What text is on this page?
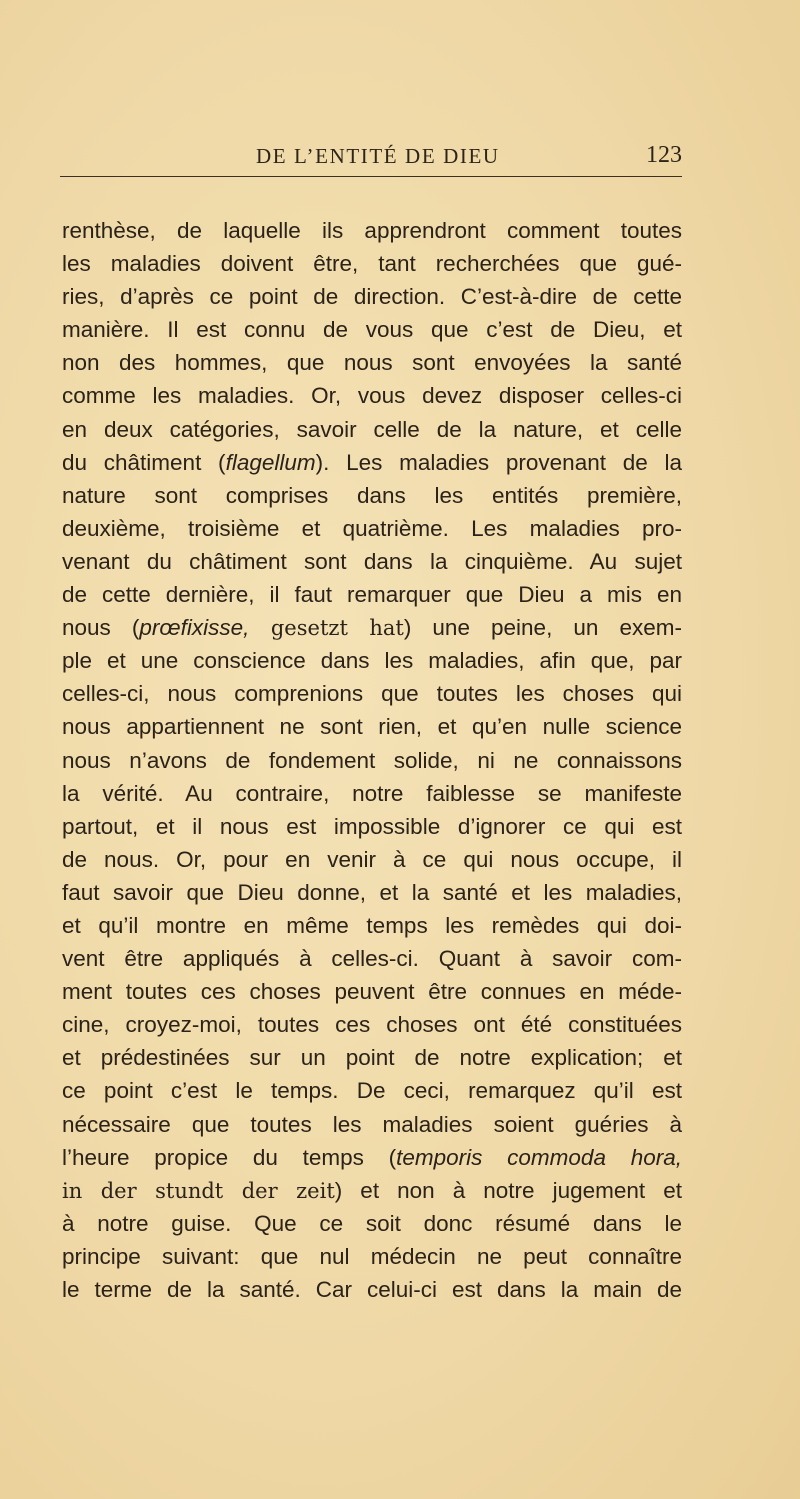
DE L’ENTITÉ DE DIEU	123
renthèse, de laquelle ils apprendront comment toutes
les maladies doivent être, tant recherchées que gué-
ries, d’après ce point de direction. C’est-à-dire de cette
manière. Il est connu de vous que c’est de Dieu, et
non des hommes, que nous sont envoyées la santé
comme les maladies. Or, vous devez disposer celles-ci
en deux catégories, savoir celle de la nature, et celle
du châtiment (flagellum). Les maladies provenant de la
nature sont comprises dans les entités première,
deuxième, troisième et quatrième. Les maladies pro-
venant du châtiment sont dans la cinquième. Au sujet
de cette dernière, il faut remarquer que Dieu a mis en
nous (prœfixisse, gesetzt hat) une peine, un exem-
ple et une conscience dans les maladies, afin que, par
celles-ci, nous comprenions que toutes les choses qui
nous appartiennent ne sont rien, et qu’en nulle science
nous n’avons de fondement solide, ni ne connaissons
la vérité. Au contraire, notre faiblesse se manifeste
partout, et il nous est impossible d’ignorer ce qui est
de nous. Or, pour en venir à ce qui nous occupe, il
faut savoir que Dieu donne, et la santé et les maladies,
et qu’il montre en même temps les remèdes qui doi-
vent être appliqués à celles-ci. Quant à savoir com-
ment toutes ces choses peuvent être connues en méde-
cine, croyez-moi, toutes ces choses ont été constituées
et prédestinées sur un point de notre explication; et
ce point c’est le temps. De ceci, remarquez qu’il est
nécessaire que toutes les maladies soient guéries à
l’heure propice du temps (temporis commoda hora,
in der stundt der zeit) et non à notre jugement et
à notre guise. Que ce soit donc résumé dans le
principe suivant: que nul médecin ne peut connaître
le terme de la santé. Car celui-ci est dans la main de
